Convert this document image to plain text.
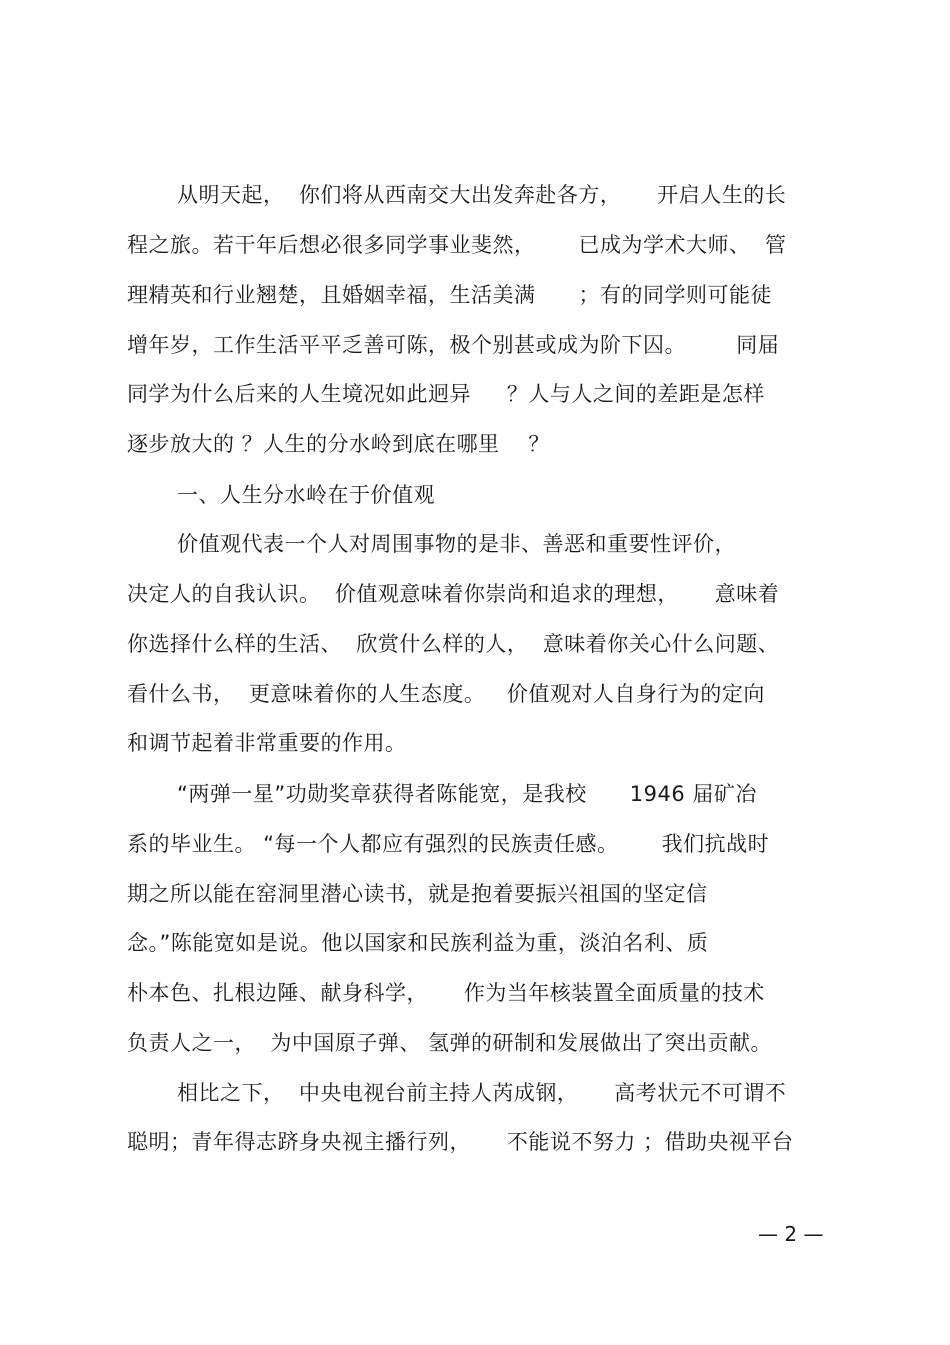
从明天起，  你们将从西南交大出发奔赴各方，     开启人生的长
程之旅。若干年后想必很多同学事业斐然，      已成为学术大师、  管
理精英和行业翘楚，且婚姻幸福，生活美满      ；有的同学则可能徒
增年岁，工作生活平平乏善可陈，极个别甚或成为阶下囚。       同届
同学为什么后来的人生境况如此迥异     ？人与人之间的差距是怎样
逐步放大的 ？人生的分水岭到底在哪里    ？
一、人生分水岭在于价值观
价值观代表一个人对周围事物的是非、善恶和重要性评价，
决定人的自我认识。  价值观意味着你崇尚和追求的理想，     意味着
你选择什么样的生活、  欣赏什么样的人，  意味着你关心什么问题、
看什么书，  更意味着你的人生态度。   价值观对人自身行为的定向
和调节起着非常重要的作用。
“两弹一星”功勋奖章获得者陈能宽，是我校      1946 届矿冶
系的毕业生。 “每一个人都应有强烈的民族责任感。      我们抗战时
期之所以能在窑洞里潜心读书，就是抱着要振兴祖国的坚定信
念。”陈能宽如是说。他以国家和民族利益为重，淡泊名利、质
朴本色、扎根边陲、献身科学，     作为当年核装置全面质量的技术
负责人之一，  为中国原子弹、 氢弹的研制和发展做出了突出贡献。
相比之下，  中央电视台前主持人芮成钢，     高考状元不可谓不
聪明；青年得志跻身央视主播行列，     不能说不努力 ；借助央视平台
— 2 —
